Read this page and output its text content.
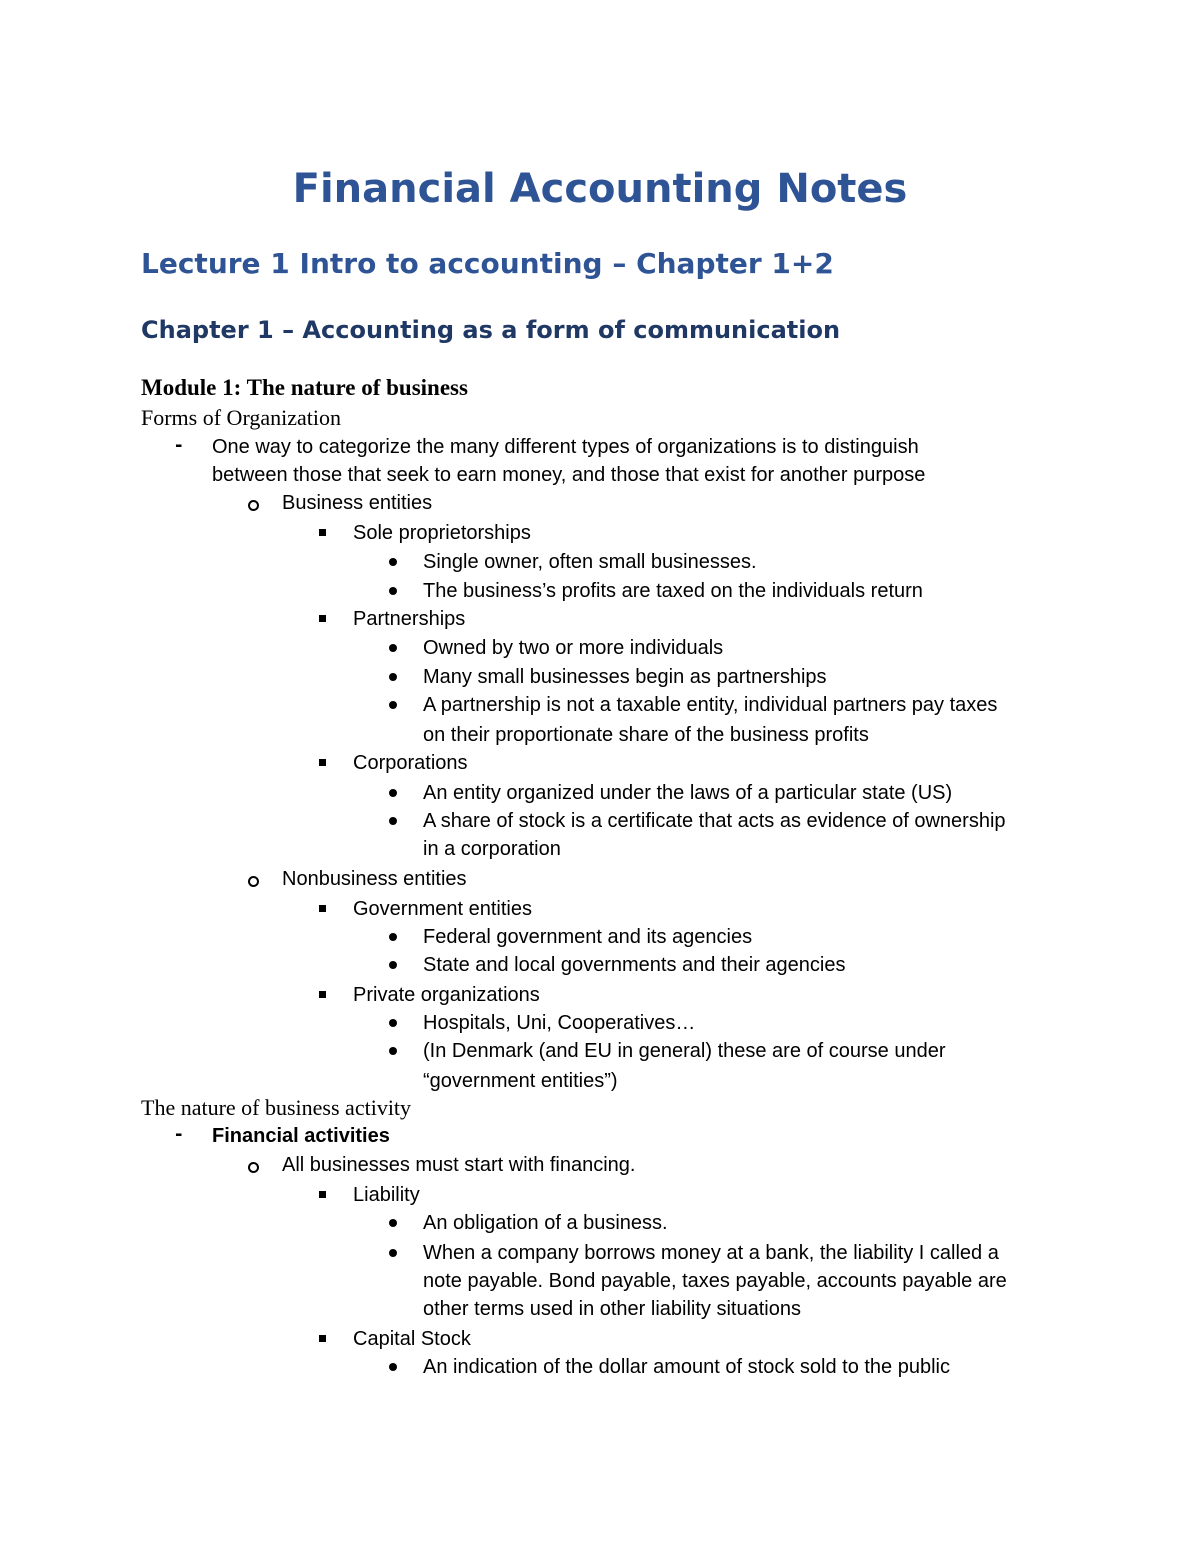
Financial Accounting Notes
Lecture 1 Intro to accounting – Chapter 1+2
Chapter 1 – Accounting as a form of communication
Module 1: The nature of business
Forms of Organization
- One way to categorize the many different types of organizations is to distinguish
between those that seek to earn money, and those that exist for another purpose
Business entities
Sole proprietorships
Single owner, often small businesses.
The business’s profits are taxed on the individuals return
Partnerships
Owned by two or more individuals
Many small businesses begin as partnerships
A partnership is not a taxable entity, individual partners pay taxes
on their proportionate share of the business profits
Corporations
An entity organized under the laws of a particular state (US)
A share of stock is a certificate that acts as evidence of ownership
in a corporation
Nonbusiness entities
Government entities
Federal government and its agencies
State and local governments and their agencies
Private organizations
Hospitals, Uni, Cooperatives…
(In Denmark (and EU in general) these are of course under
“government entities”)
The nature of business activity
- Financial activities
All businesses must start with financing.
Liability
An obligation of a business.
When a company borrows money at a bank, the liability I called a
note payable. Bond payable, taxes payable, accounts payable are
other terms used in other liability situations
Capital Stock
An indication of the dollar amount of stock sold to the public
